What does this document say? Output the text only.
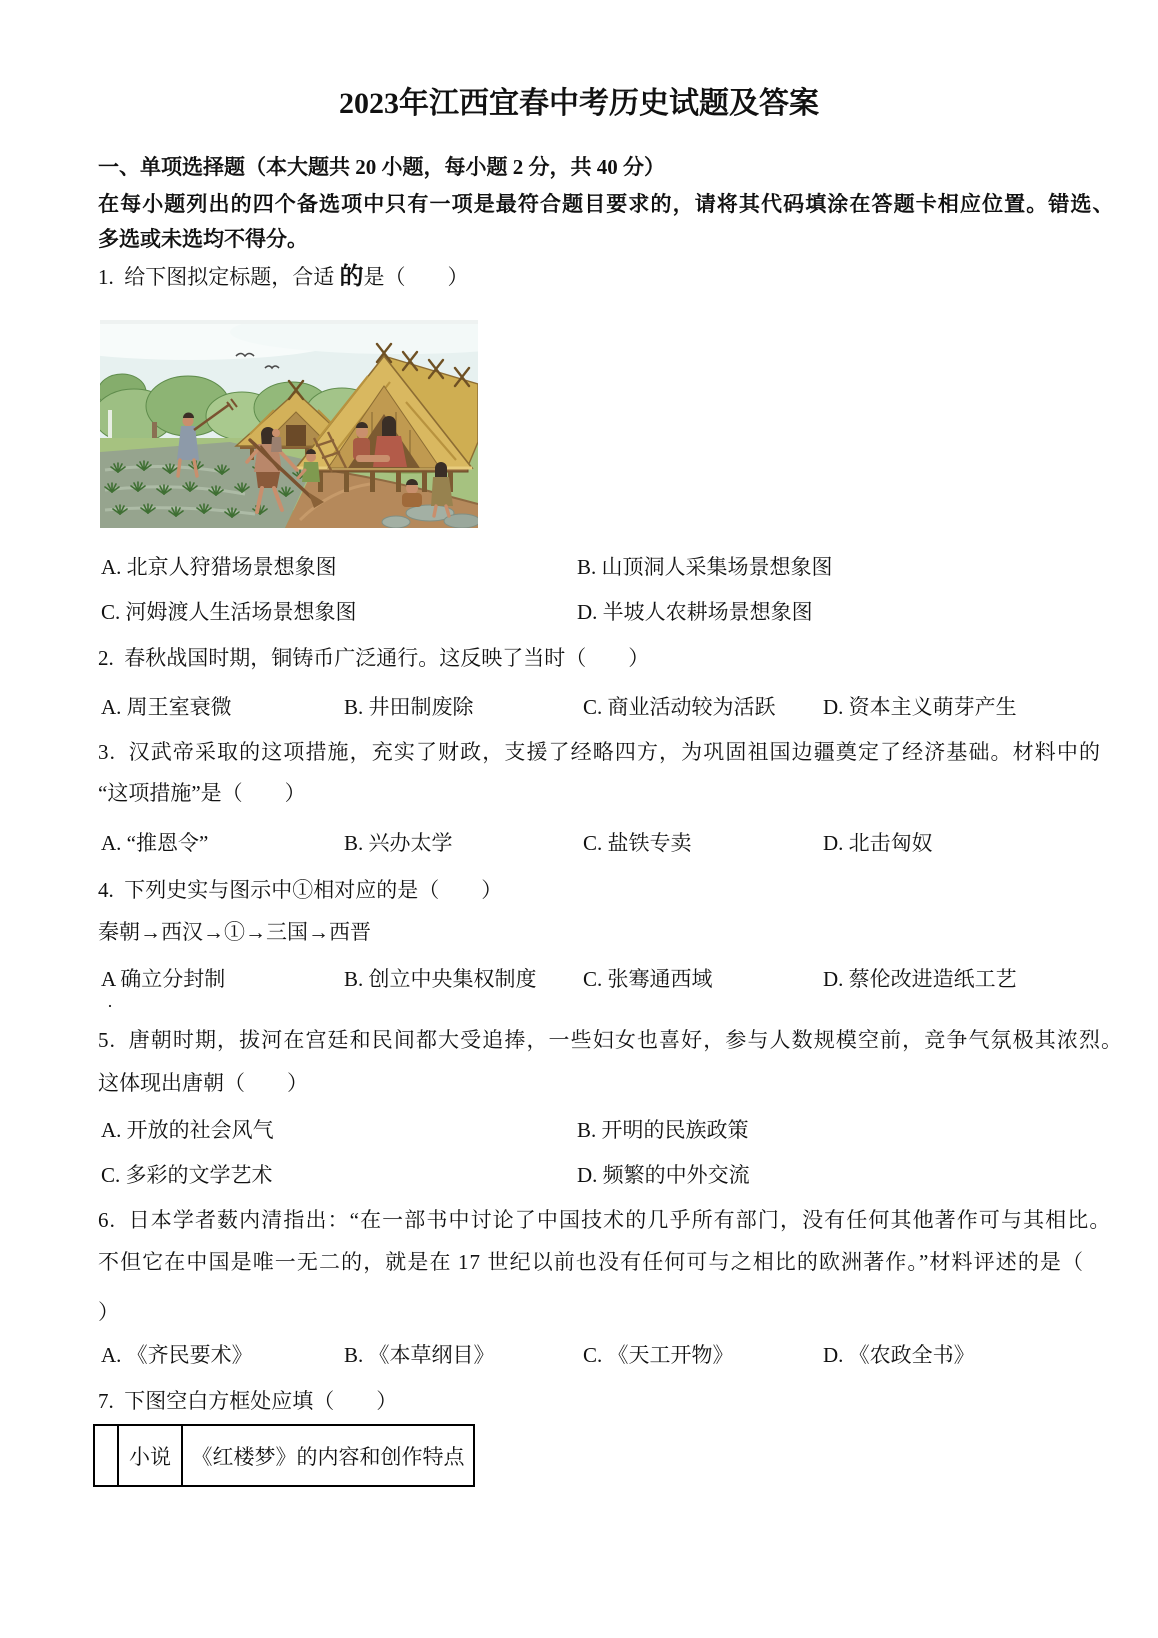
2023年江西宜春中考历史试题及答案
一、单项选择题（本大题共 20 小题，每小题 2 分，共 40 分）
在每小题列出的四个备选项中只有一项是最符合题目要求的，请将其代码填涂在答题卡相应位置。错选、
多选或未选均不得分。
1.  给下图拟定标题，合适 的是（　　）
A. 北京人狩猎场景想象图	B. 山顶洞人采集场景想象图
C. 河姆渡人生活场景想象图	D. 半坡人农耕场景想象图
2.  春秋战国时期，铜铸币广泛通行。这反映了当时（　　）
A. 周王室衰微	B. 井田制废除	C. 商业活动较为活跃 D. 资本主义萌芽产生
3.  汉武帝采取的这项措施，充实了财政，支援了经略四方，为巩固祖国边疆奠定了经济基础。材料中的
“这项措施”是（　　）
A. “推恩令”	B. 兴办太学	C. 盐铁专卖	D. 北击匈奴
4.  下列史实与图示中①相对应的是（　　）
秦朝→西汉→①→三国→西晋
A 确立分封制	B. 创立中央集权制度 C. 张骞通西域	D. 蔡伦改进造纸工艺
·
5.  唐朝时期，拔河在宫廷和民间都大受追捧，一些妇女也喜好，参与人数规模空前，竞争气氛极其浓烈。
这体现出唐朝（　　）
A. 开放的社会风气	B. 开明的民族政策
C. 多彩的文学艺术	D. 频繁的中外交流
6.  日本学者薮内清指出：“在一部书中讨论了中国技术的几乎所有部门，没有任何其他著作可与其相比。
不但它在中国是唯一无二的，就是在 17 世纪以前也没有任何可与之相比的欧洲著作。”材料评述的是（
）
A. 《齐民要术》	B. 《本草纲目》	C. 《天工开物》	D. 《农政全书》
7.  下图空白方框处应填（　　）
小说 《红楼梦》的内容和创作特点
